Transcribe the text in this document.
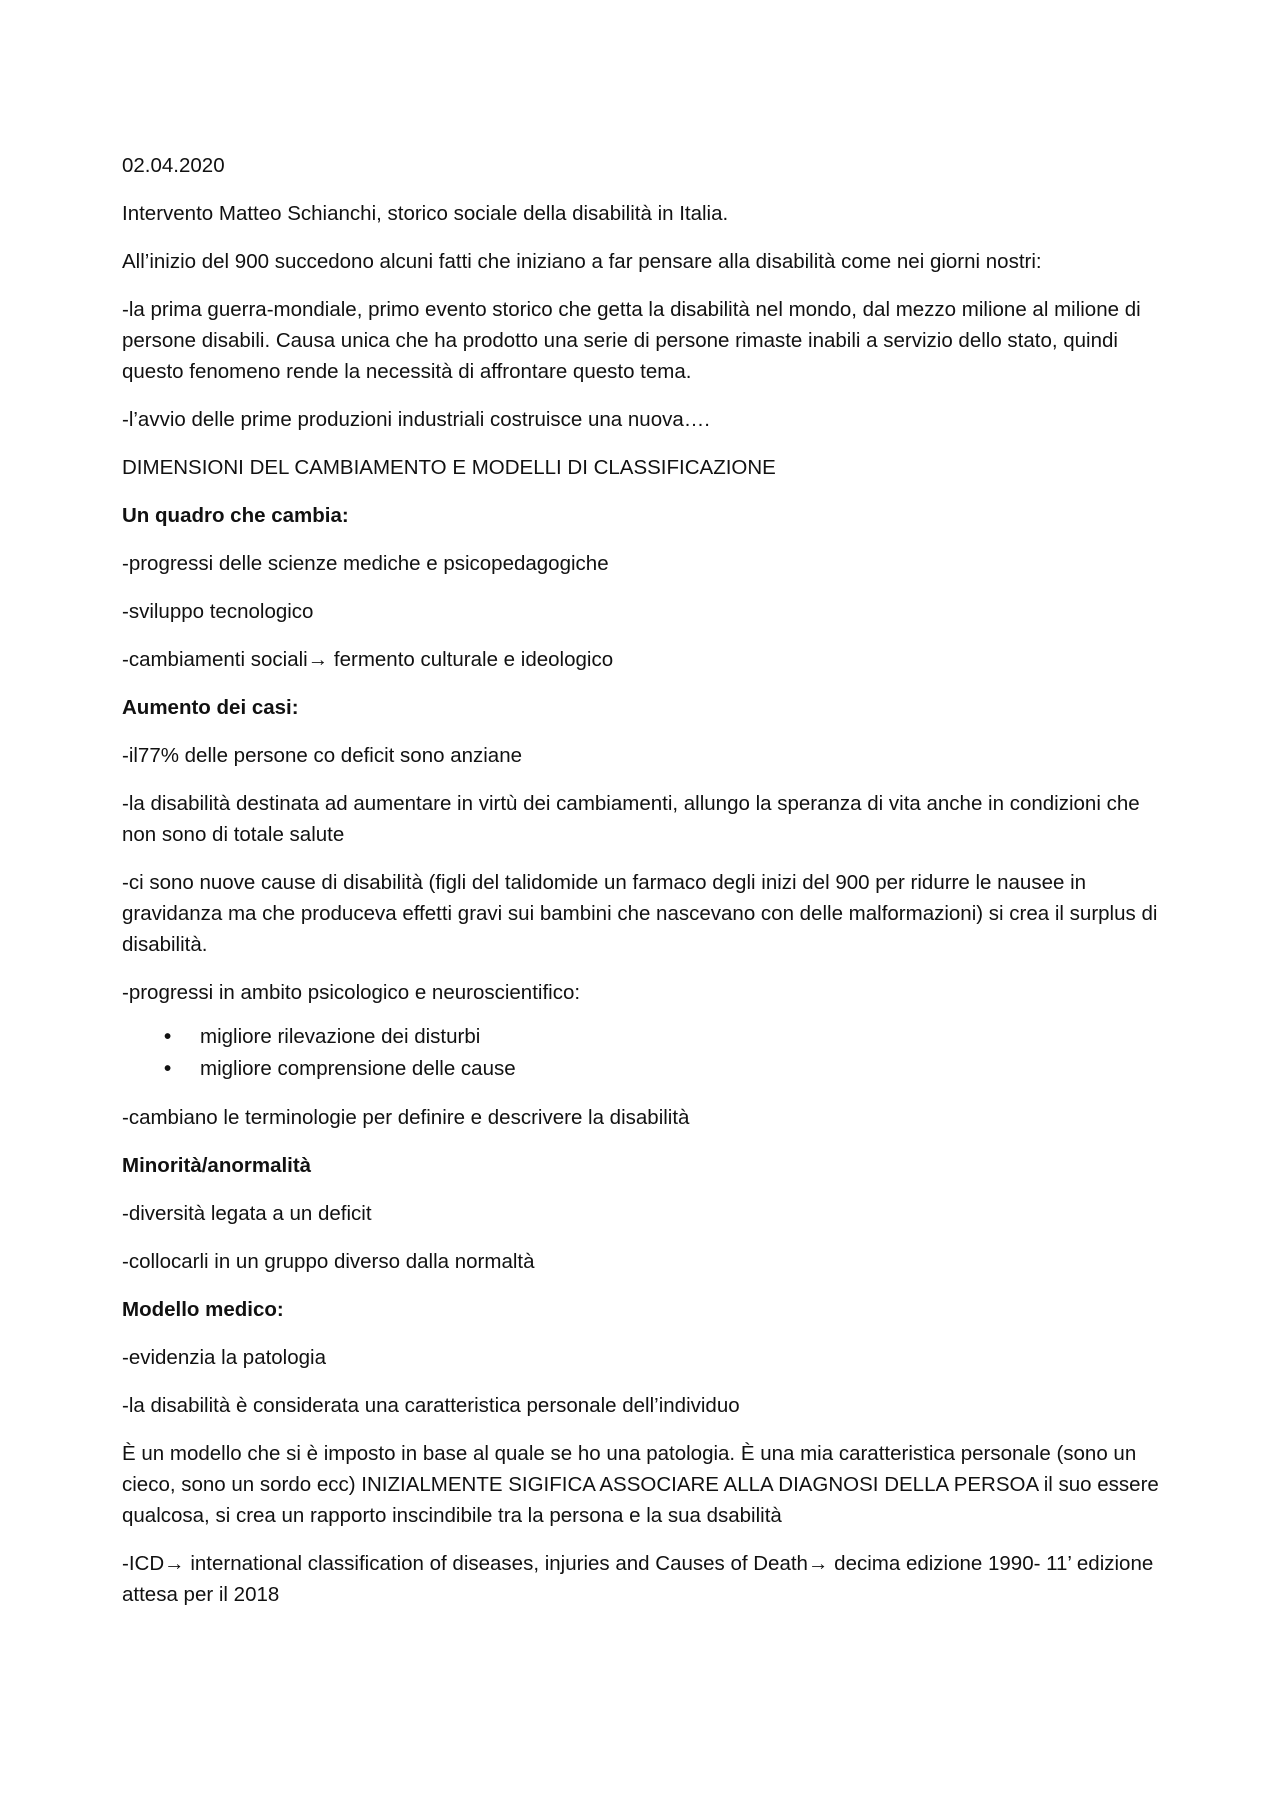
02.04.2020

Intervento Matteo Schianchi, storico sociale della disabilità in Italia.

All’inizio del 900 succedono alcuni fatti che iniziano a far pensare alla disabilità come nei giorni nostri:

-la prima guerra-mondiale, primo evento storico che getta la disabilità nel mondo, dal mezzo milione al milione di persone disabili. Causa unica che ha prodotto una serie di persone rimaste inabili a servizio dello stato, quindi questo fenomeno rende la necessità di affrontare questo tema.

-l’avvio delle prime produzioni industriali costruisce una nuova….

DIMENSIONI DEL CAMBIAMENTO E MODELLI DI CLASSIFICAZIONE

Un quadro che cambia:

-progressi delle scienze mediche e psicopedagogiche

-sviluppo tecnologico

-cambiamenti sociali→ fermento culturale e ideologico

Aumento dei casi:

-il77% delle persone co deficit sono anziane

-la disabilità destinata ad aumentare in virtù dei cambiamenti, allungo la speranza di vita anche in condizioni che non sono di totale salute

-ci sono nuove cause di disabilità (figli del talidomide un farmaco degli inizi del 900 per ridurre le nausee in gravidanza ma che produceva effetti gravi sui bambini che nascevano con delle malformazioni) si crea il surplus di disabilità.

-progressi in ambito psicologico e neuroscientifico:

• migliore rilevazione dei disturbi
• migliore comprensione delle cause

-cambiano le terminologie per definire e descrivere la disabilità

Minorità/anormalità

-diversità legata a un deficit

-collocarli in un gruppo diverso dalla normaltà

Modello medico:

-evidenzia la patologia

-la disabilità è considerata una caratteristica personale dell’individuo

È un modello che si è imposto in base al quale se ho una patologia. È una mia caratteristica personale (sono un cieco, sono un sordo ecc) INIZIALMENTE SIGIFICA ASSOCIARE ALLA DIAGNOSI DELLA PERSOA il suo essere qualcosa, si crea un rapporto inscindibile tra la persona e la sua dsabilità

-ICD→ international classification of diseases, injuries and Causes of Death→ decima edizione 1990- 11’ edizione attesa per il 2018
